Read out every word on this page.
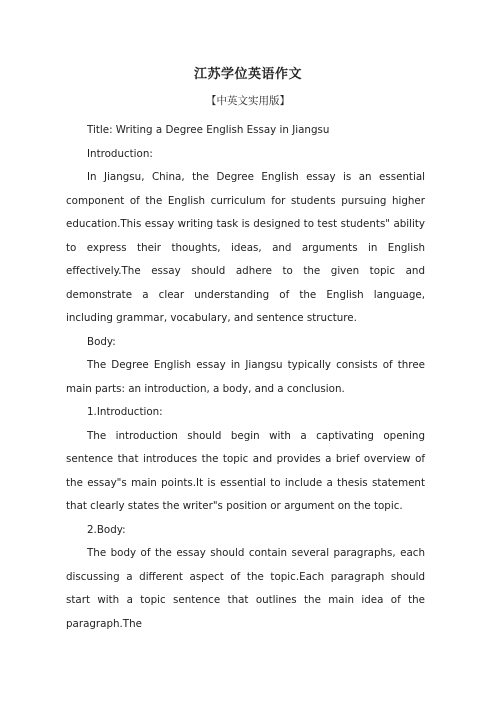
江苏学位英语作文
【中英文实用版】

Title: Writing a Degree English Essay in Jiangsu

Introduction:

In Jiangsu, China, the Degree English essay is an essential component of the English curriculum for students pursuing higher education.This essay writing task is designed to test students" ability to express their thoughts, ideas, and arguments in English effectively.The essay should adhere to the given topic and demonstrate a clear understanding of the English language, including grammar, vocabulary, and sentence structure.

Body:

The Degree English essay in Jiangsu typically consists of three main parts: an introduction, a body, and a conclusion.

1.Introduction:

The introduction should begin with a captivating opening sentence that introduces the topic and provides a brief overview of the essay"s main points.It is essential to include a thesis statement that clearly states the writer"s position or argument on the topic.

2.Body:

The body of the essay should contain several paragraphs, each discussing a different aspect of the topic.Each paragraph should start with a topic sentence that outlines the main idea of the paragraph.The
